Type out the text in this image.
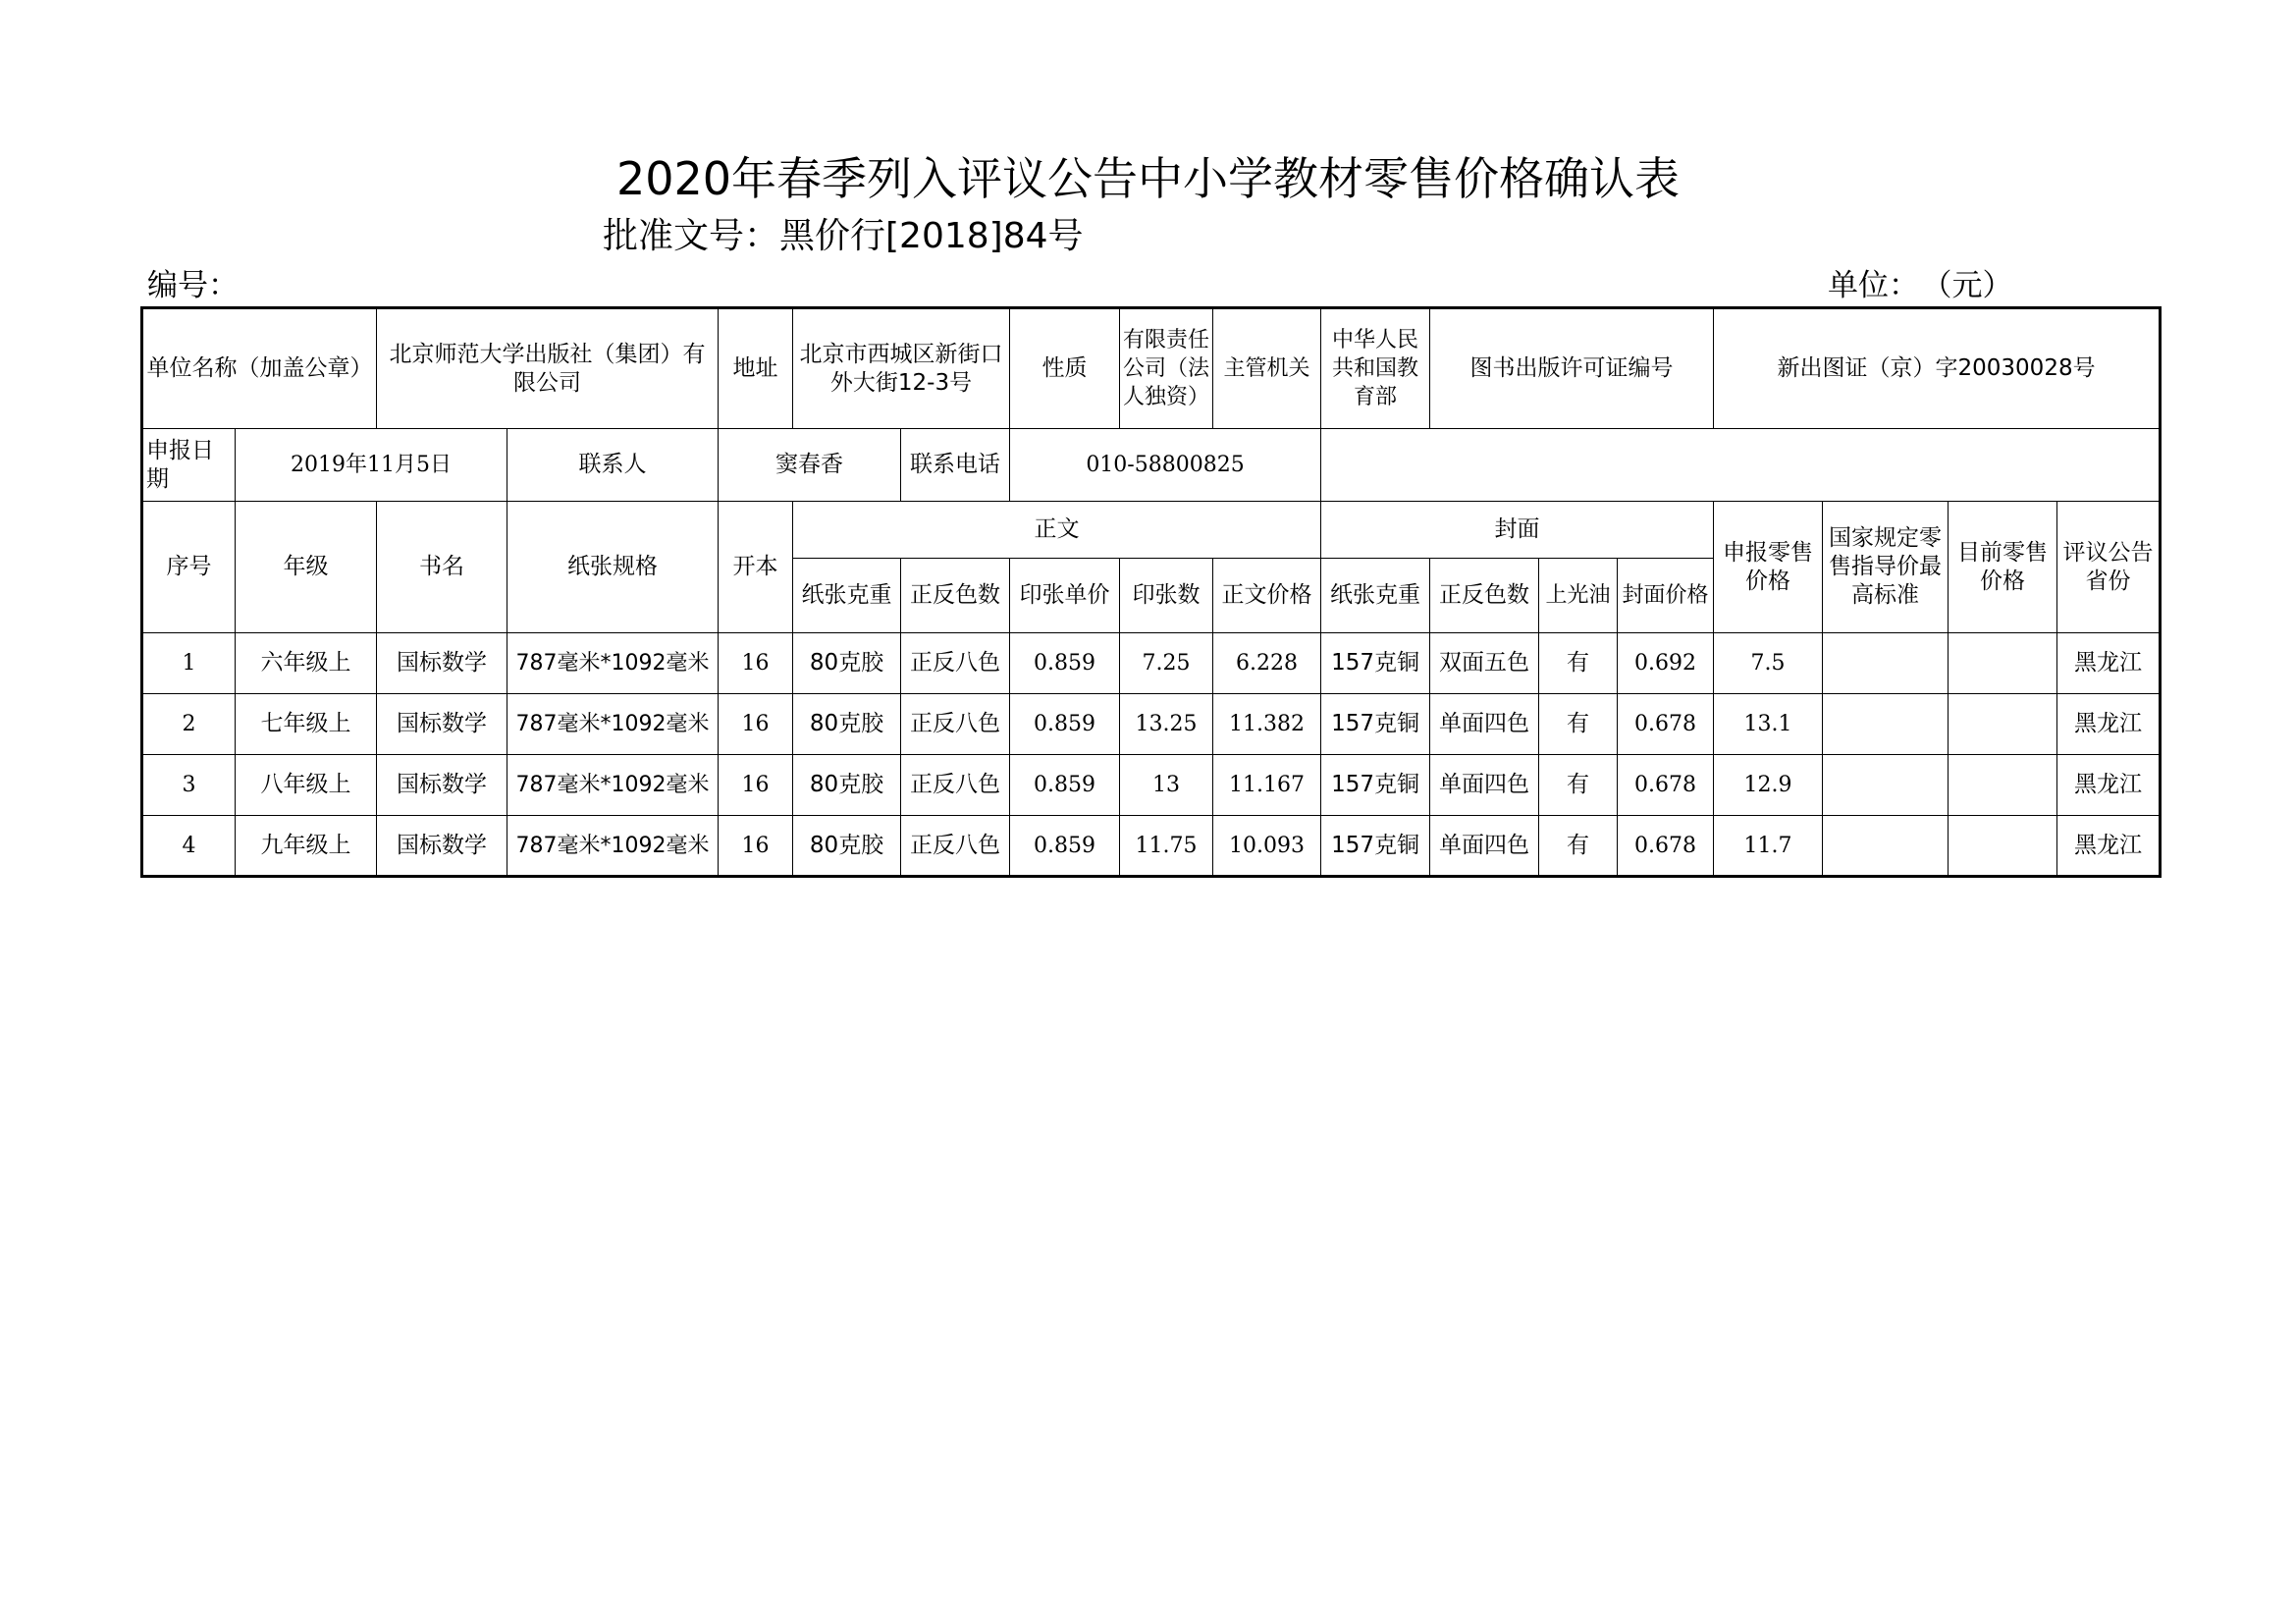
2020年春季列入评议公告中小学教材零售价格确认表
批准文号：黑价行[2018]84号
编号：	单位： （元）
单位名称（加盖公章）		北京师范大学出版社（集团）有限公司		地址	北京市西城区新街口外大街12-3号		性质	有限责任公司（法人独资）	主管机关	中华人民共和国教育部	图书出版许可证编号			新出图证（京）字20030028号			
申报日期	2019年11月5日		联系人	窦春香		联系电话	010-58800825										
序号	年级	书名	纸张规格	开本	正文					封面				申报零售价格	国家规定零售指导价最高标准	目前零售价格	评议公告省份
					纸张克重	正反色数	印张单价	印张数	正文价格	纸张克重	正反色数	上光油	封面价格				
1	六年级上	国标数学	787毫米*1092毫米	16	80克胶	正反八色	0.859	7.25	6.228	157克铜	双面五色	有	0.692	7.5			黑龙江
2	七年级上	国标数学	787毫米*1092毫米	16	80克胶	正反八色	0.859	13.25	11.382	157克铜	单面四色	有	0.678	13.1			黑龙江
3	八年级上	国标数学	787毫米*1092毫米	16	80克胶	正反八色	0.859	13	11.167	157克铜	单面四色	有	0.678	12.9			黑龙江
4	九年级上	国标数学	787毫米*1092毫米	16	80克胶	正反八色	0.859	11.75	10.093	157克铜	单面四色	有	0.678	11.7			黑龙江
